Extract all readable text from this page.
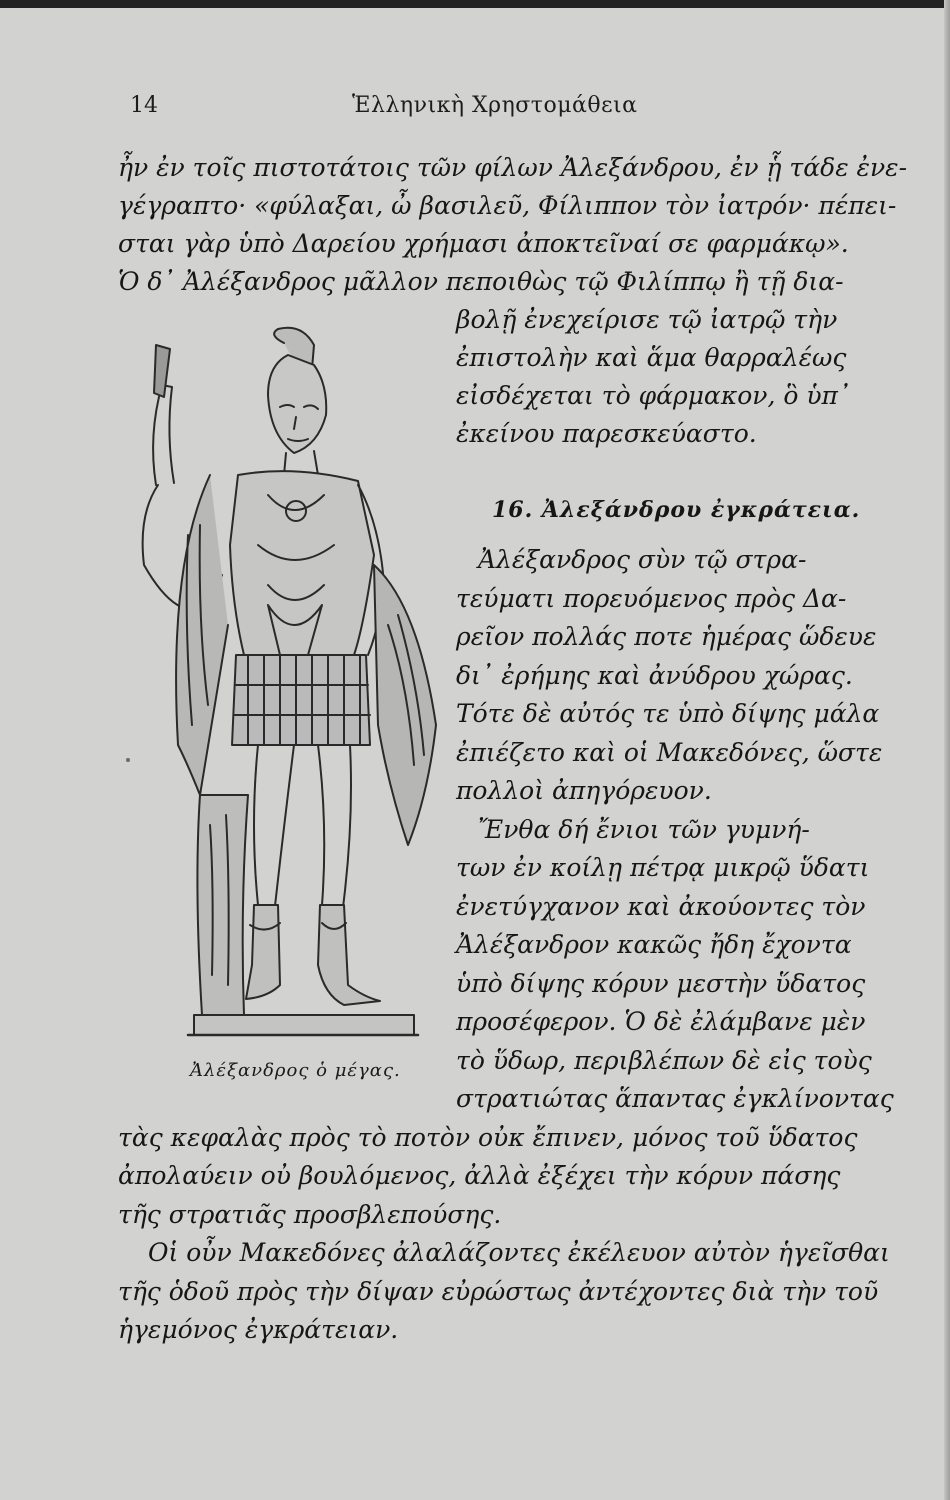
14	Ἑλληνικὴ Χρηστομάθεια
ἦν ἐν τοῖς πιστοτάτοις τῶν φίλων Ἀλεξάνδρου, ἐν ᾗ τάδε ἐνε-
γέγραπτο· «φύλαξαι, ὦ βασιλεῦ, Φίλιππον τὸν ἰατρόν· πέπει-
σται γὰρ ὑπὸ Δαρείου χρήμασι ἀποκτεῖναί σε φαρμάκῳ».
Ὁ δ᾽ Ἀλέξανδρος μᾶλλον πεποιθὼς τῷ Φιλίππῳ ἢ τῇ δια-
βολῇ ἐνεχείρισε τῷ ἰατρῷ τὴν
ἐπιστολὴν καὶ ἅμα θαρραλέως
εἰσδέχεται τὸ φάρμακον, ὃ ὑπ᾽
ἐκείνου παρεσκεύαστο.
16. Ἀλεξάνδρου ἐγκράτεια.
Ἀλέξανδρος σὺν τῷ στρα-
τεύματι πορευόμενος πρὸς Δα-
ρεῖον πολλάς ποτε ἡμέρας ὥδευε
δι᾽ ἐρήμης καὶ ἀνύδρου χώρας.
Τότε δὲ αὐτός τε ὑπὸ δίψης μάλα
ἐπιέζετο καὶ οἱ Μακεδόνες, ὥστε
πολλοὶ ἀπηγόρευον.
Ἔνθα δή ἔνιοι τῶν γυμνή-
των ἐν κοίλῃ πέτρᾳ μικρῷ ὕδατι
ἐνετύγχανον καὶ ἀκούοντες τὸν
Ἀλέξανδρον κακῶς ἤδη ἔχοντα
ὑπὸ δίψης κόρυν μεστὴν ὕδατος
προσέφερον. Ὁ δὲ ἐλάμβανε μὲν
τὸ ὕδωρ, περιβλέπων δὲ εἰς τοὺς
στρατιώτας ἅπαντας ἐγκλίνοντας
τὰς κεφαλὰς πρὸς τὸ ποτὸν οὐκ ἔπινεν, μόνος τοῦ ὕδατος
ἀπολαύειν οὐ βουλόμενος, ἀλλὰ ἐξέχει τὴν κόρυν πάσης
τῆς στρατιᾶς προσβλεπούσης.
Οἱ οὖν Μακεδόνες ἀλαλάζοντες ἐκέλευον αὐτὸν ἡγεῖσθαι
τῆς ὁδοῦ πρὸς τὴν δίψαν εὐρώστως ἀντέχοντες διὰ τὴν τοῦ
ἡγεμόνος ἐγκράτειαν.
Ἀλέξανδρος ὁ μέγας.
